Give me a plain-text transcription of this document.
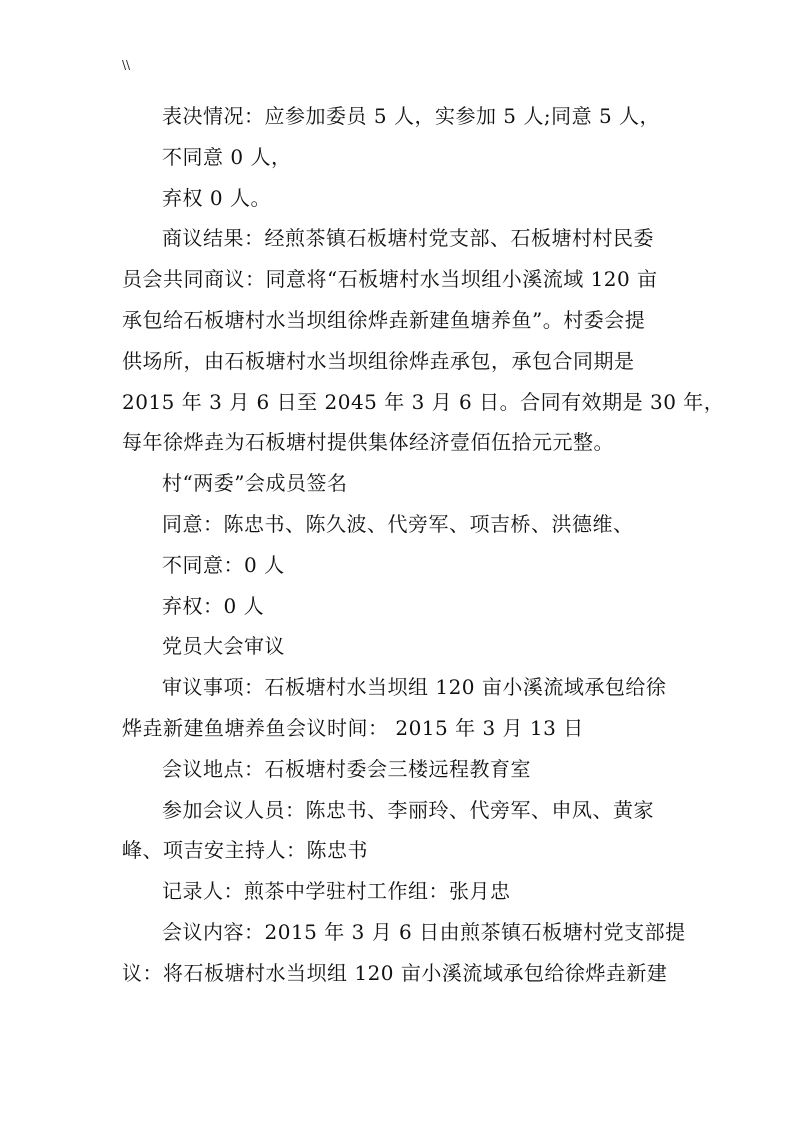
\\
表决情况：应参加委员 5 人，实参加 5 人;同意 5 人，
不同意 0 人，
弃权 0 人。
商议结果：经煎茶镇石板塘村党支部、石板塘村村民委
员会共同商议：同意将“石板塘村水当坝组小溪流域 120 亩
承包给石板塘村水当坝组徐烨垚新建鱼塘养鱼”。村委会提
供场所，由石板塘村水当坝组徐烨垚承包，承包合同期是
2015 年 3 月 6 日至 2045 年 3 月 6 日。合同有效期是 30 年，
每年徐烨垚为石板塘村提供集体经济壹佰伍拾元元整。
村“两委”会成员签名
同意：陈忠书、陈久波、代旁军、项吉桥、洪德维、
不同意：0 人
弃权：0 人
党员大会审议
审议事项：石板塘村水当坝组 120 亩小溪流域承包给徐
烨垚新建鱼塘养鱼会议时间： 2015 年 3 月 13 日
会议地点：石板塘村委会三楼远程教育室
参加会议人员：陈忠书、李丽玲、代旁军、申凤、黄家
峰、项吉安主持人：陈忠书
记录人：煎茶中学驻村工作组：张月忠
会议内容：2015 年 3 月 6 日由煎茶镇石板塘村党支部提
议：将石板塘村水当坝组 120 亩小溪流域承包给徐烨垚新建
